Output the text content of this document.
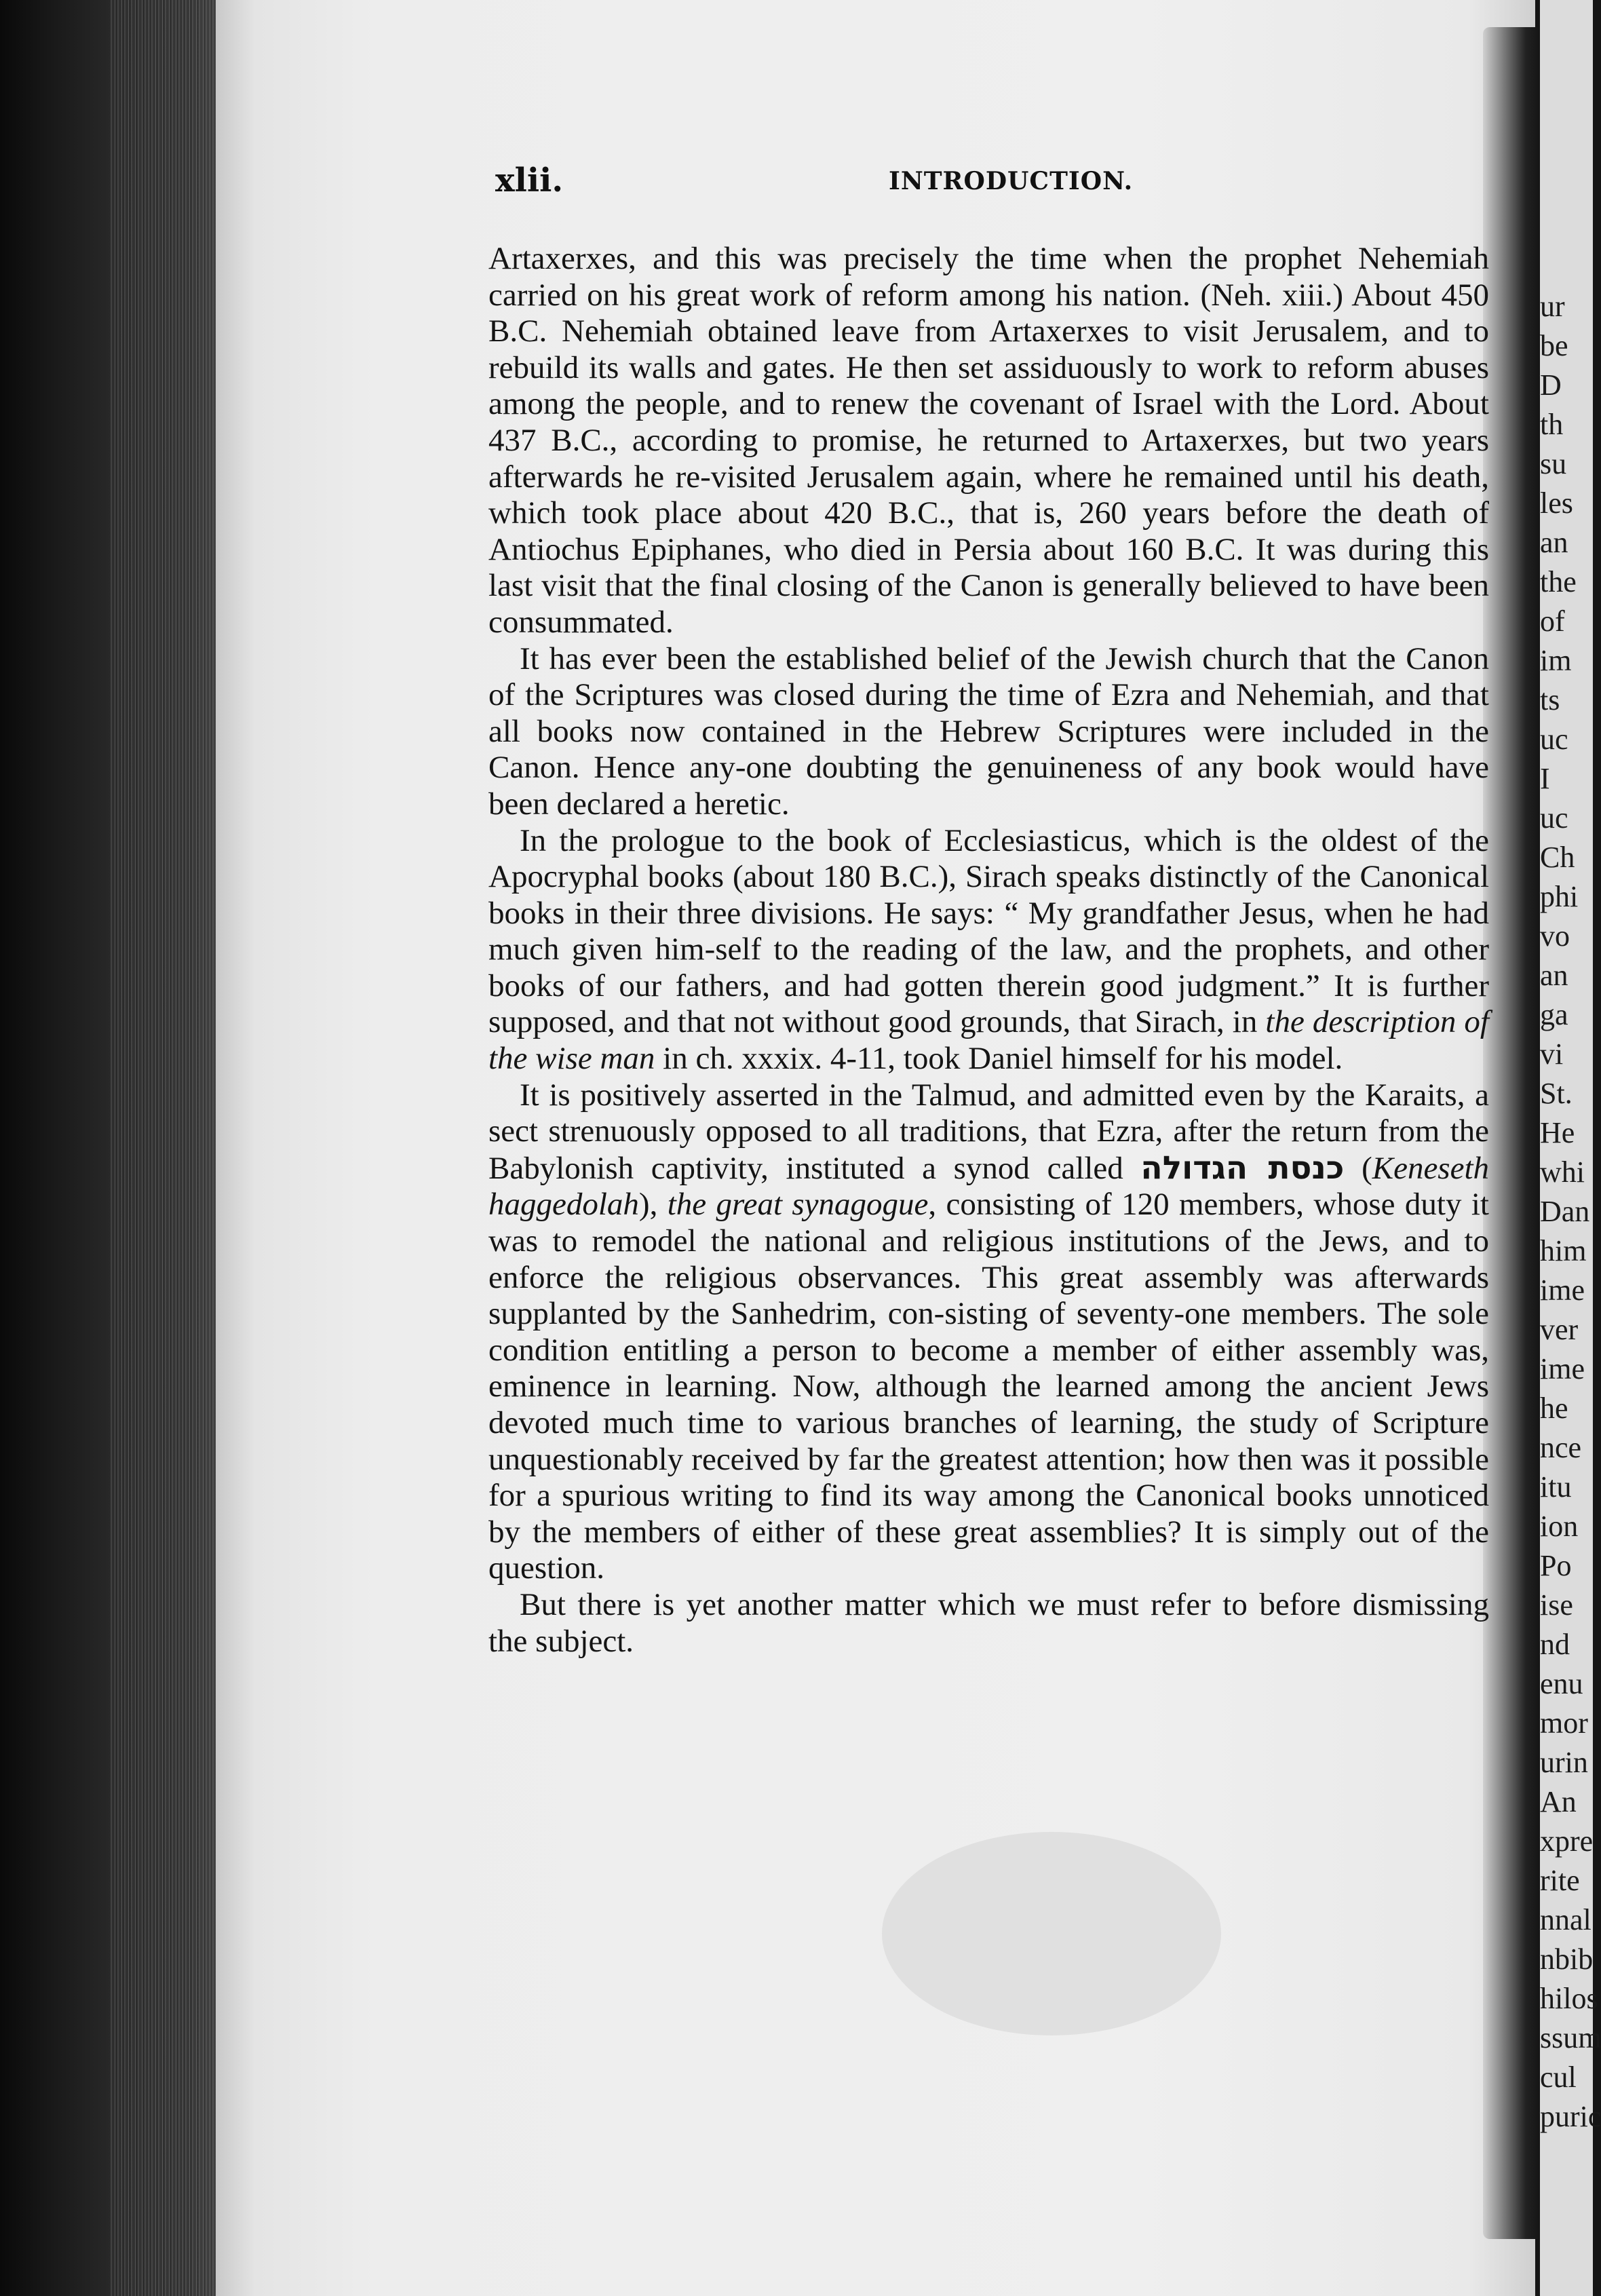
ur
be
D
th
su
les
an
the
of
im
ts
uc
I
uc
Ch
phi
vo
an
ga
vi
St.
He
whi
Dan
him
ime
ver
ime
he
nce
itu
ion
Po
ise
nd
enu
mor
urin
An
xpre
rite
nnal
nbib
hilos
ssum
cul
puric
xlii.	INTRODUCTION.

Artaxerxes, and this was precisely the time when the prophet Nehemiah carried on his great work of reform among his nation. (Neh. xiii.) About 450 B.C. Nehemiah obtained leave from Artaxerxes to visit Jerusalem, and to rebuild its walls and gates. He then set assiduously to work to reform abuses among the people, and to renew the covenant of Israel with the Lord. About 437 B.C., according to promise, he returned to Artaxerxes, but two years afterwards he re-visited Jerusalem again, where he remained until his death, which took place about 420 B.C., that is, 260 years before the death of Antiochus Epiphanes, who died in Persia about 160 B.C. It was during this last visit that the final closing of the Canon is generally believed to have been consummated.

It has ever been the established belief of the Jewish church that the Canon of the Scriptures was closed during the time of Ezra and Nehemiah, and that all books now contained in the Hebrew Scriptures were included in the Canon. Hence any-one doubting the genuineness of any book would have been declared a heretic.

In the prologue to the book of Ecclesiasticus, which is the oldest of the Apocryphal books (about 180 B.C.), Sirach speaks distinctly of the Canonical books in their three divisions. He says: “ My grandfather Jesus, when he had much given him-self to the reading of the law, and the prophets, and other books of our fathers, and had gotten therein good judgment.” It is further supposed, and that not without good grounds, that Sirach, in the description of the wise man in ch. xxxix. 4-11, took Daniel himself for his model.

It is positively asserted in the Talmud, and admitted even by the Karaits, a sect strenuously opposed to all traditions, that Ezra, after the return from the Babylonish captivity, instituted a synod called כנסת הגדולה (Keneseth haggedolah), the great synagogue, consisting of 120 members, whose duty it was to remodel the national and religious institutions of the Jews, and to enforce the religious observances. This great assembly was afterwards supplanted by the Sanhedrim, con-sisting of seventy-one members. The sole condition entitling a person to become a member of either assembly was, eminence in learning. Now, although the learned among the ancient Jews devoted much time to various branches of learning, the study of Scripture unquestionably received by far the greatest attention; how then was it possible for a spurious writing to find its way among the Canonical books unnoticed by the members of either of these great assemblies? It is simply out of the question.

But there is yet another matter which we must refer to before dismissing the subject.
